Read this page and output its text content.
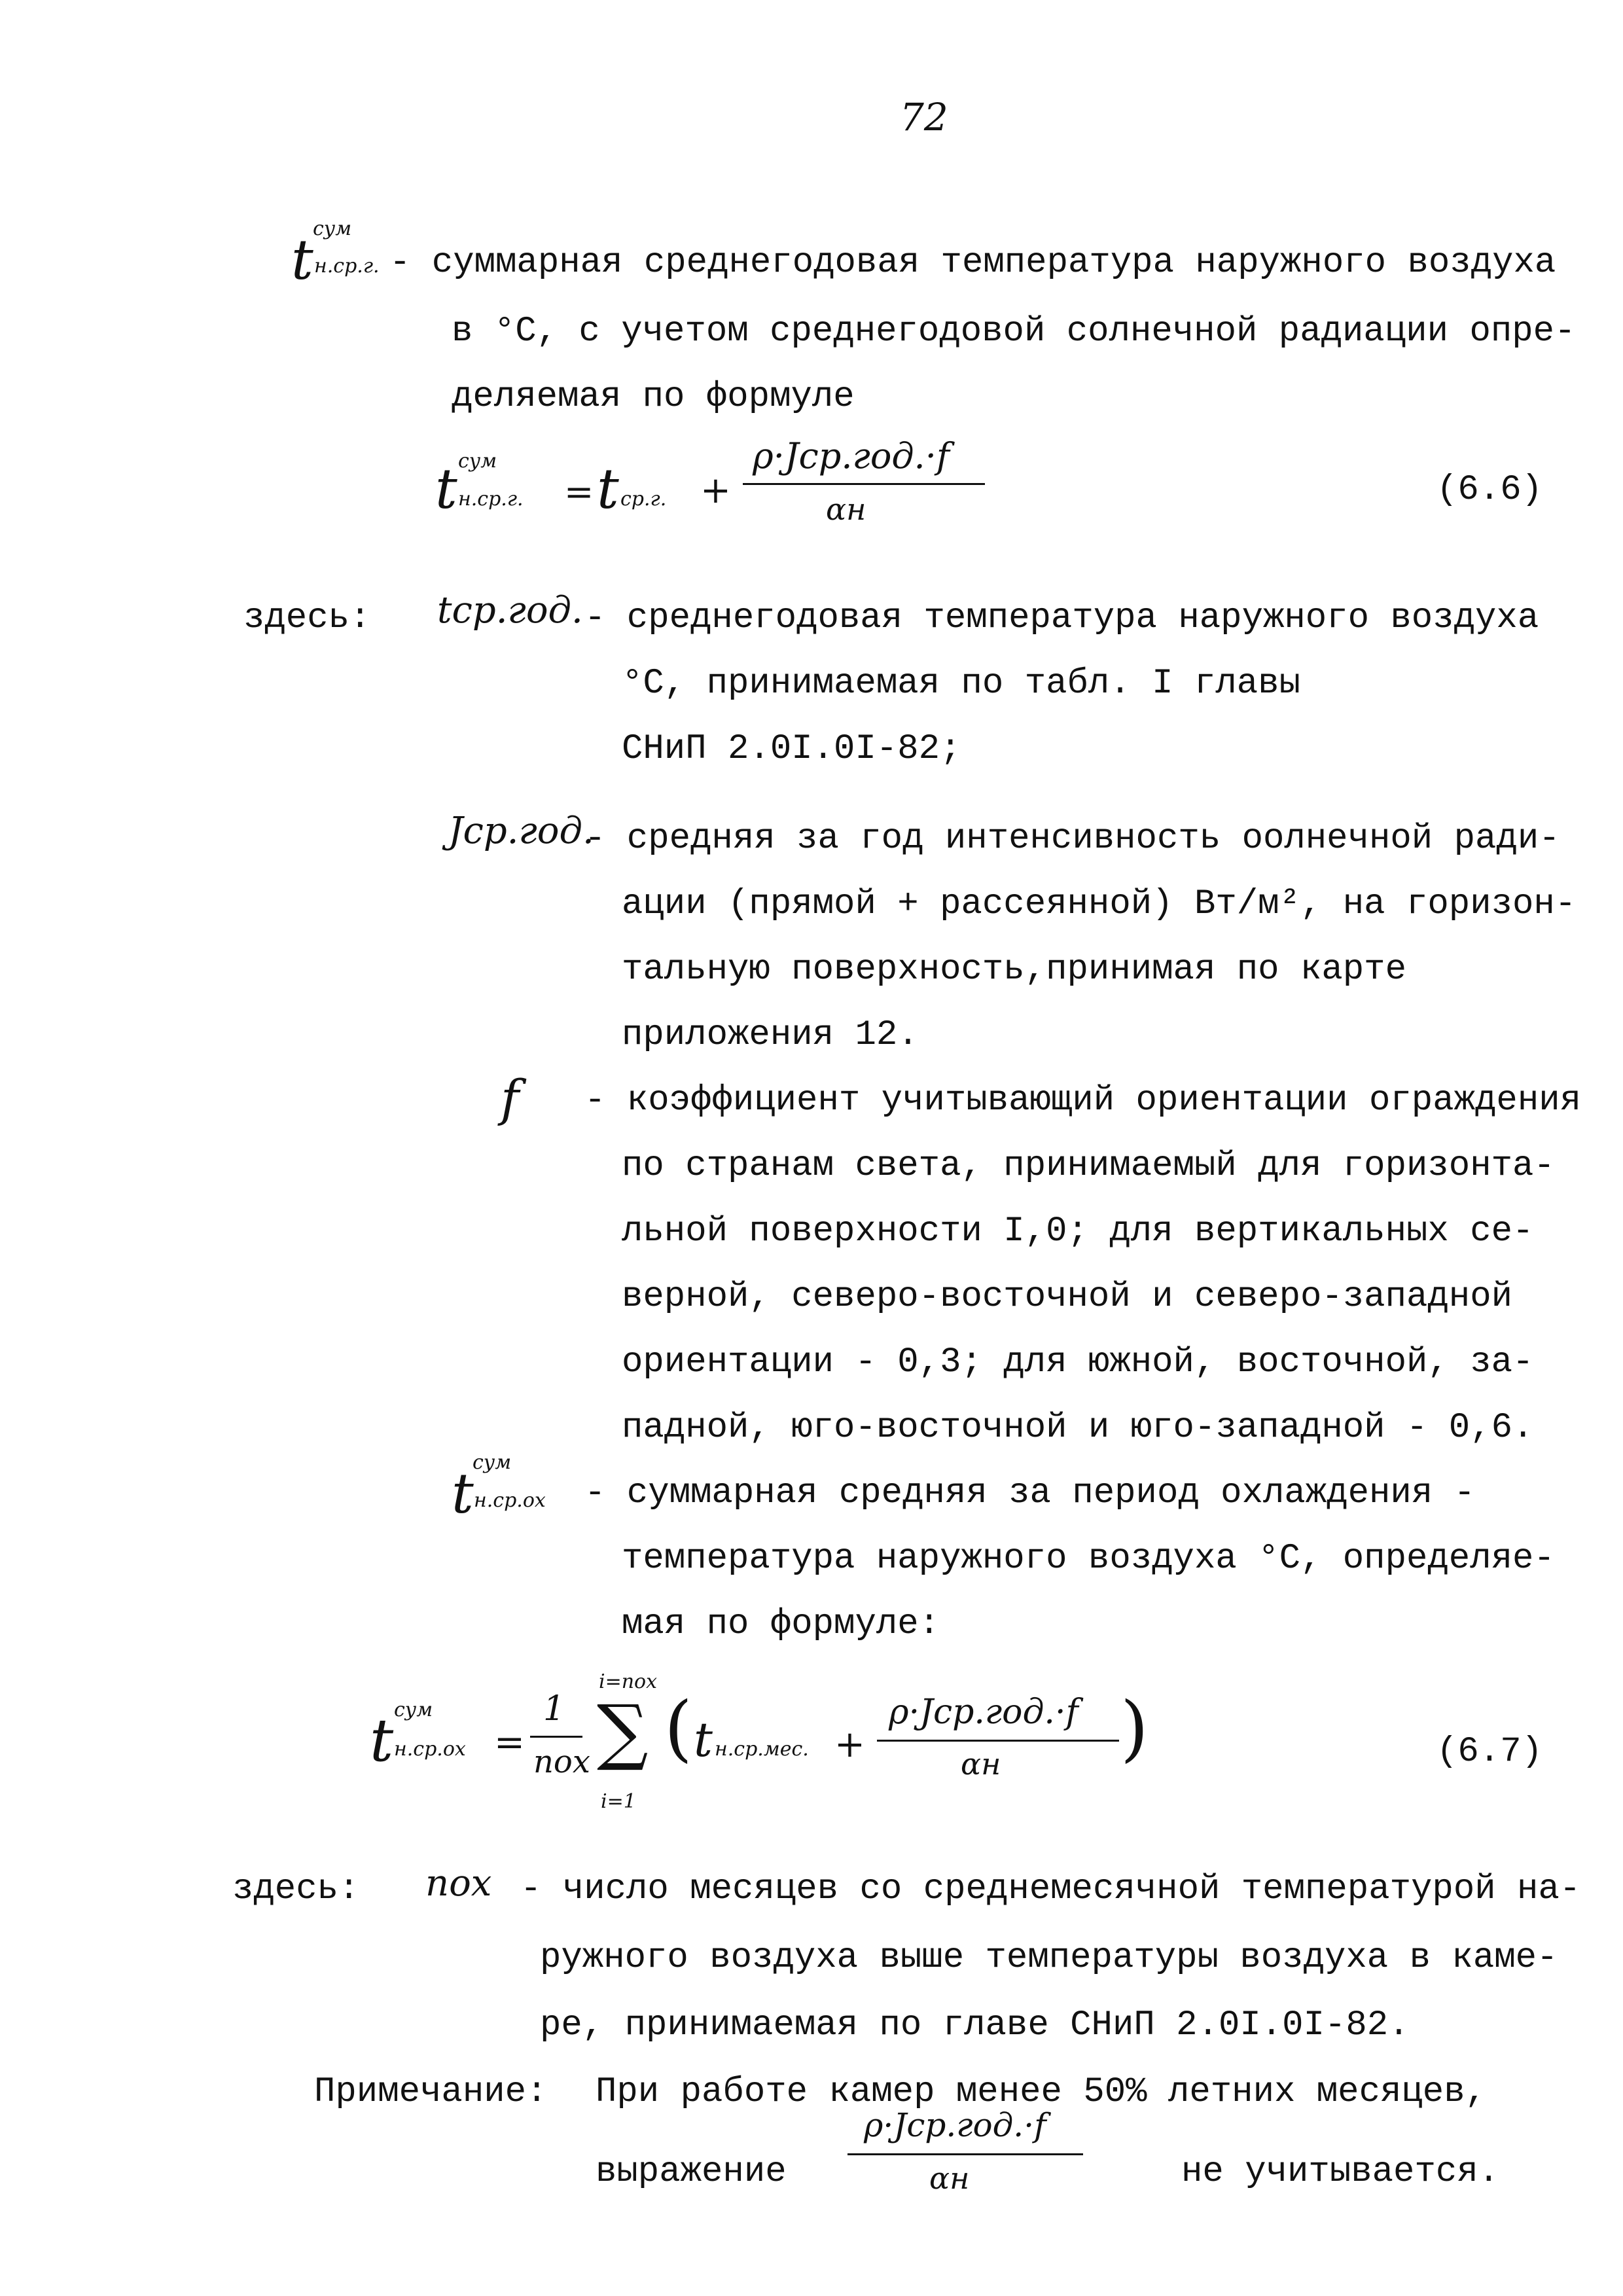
72
t сум
н.ср.г. - суммарная среднегодовая температура наружного воздуха
в °С, с учетом среднегодовой солнечной радиации опре-
деляемая по формуле
t сум
н.ср.г. = t ср.г. +
ρ·Jср.год.·f
αн	(6.6)
здесь: tср.год. - среднегодовая температура наружного воздуха
°С, принимаемая по табл. I главы
СНиП 2.0I.0I-82;
Jср.год.
- средняя за год интенсивность оолнечной ради-
ации (прямой + рассеянной) Вт/м², на горизон-
тальную поверхность,принимая по карте
приложения 12.
f - коэффициент учитывающий ориентации ограждения
по странам света, принимаемый для горизонта-
льной поверхности I,0; для вертикальных се-
верной, северо-восточной и северо-западной
ориентации - 0,3; для южной, восточной, за-
падной, юго-восточной и юго-западной - 0,6.
t
сум
н.ср.ох - суммарная средняя за период охлаждения -
температура наружного воздуха °С, определяе-
мая по формуле:
t сум
н.ср.ох =
1
nох
i=nох
∑
i=1
( t н.ср.мес. +
ρ·Jср.год.·f
αн )	(6.7)
здесь: nох - число месяцев со среднемесячной температурой на-
ружного воздуха выше температуры воздуха в каме-
ре, принимаемая по главе СНиП 2.0I.0I-82.
Примечание: При работе камер менее 50% летних месяцев,
выражение
ρ·Jср.год.·f
αн	не учитывается.
